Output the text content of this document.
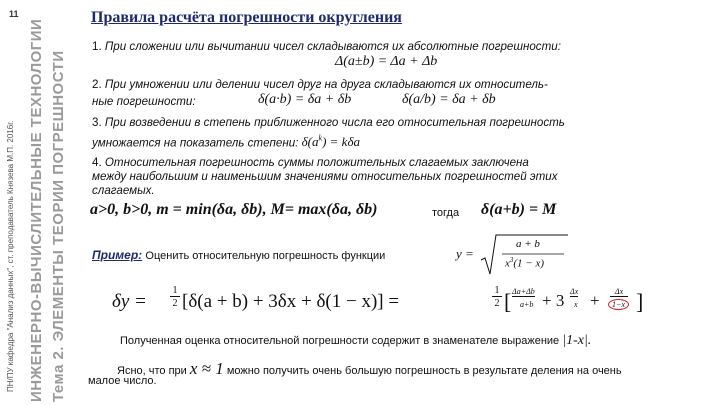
11
ПН/ПУ кафедра "Анализ данных", ст. преподаватель Князева М.П. 2016г. ИНЖЕНЕРНО-ВЫЧИСЛИТЕЛЬНЫЕ ТЕХНОЛОГИИ Тема 2. ЭЛЕМЕНТЫ ТЕОРИИ ПОГРЕШНОСТИ
Правила расчёта погрешности округления
1. При сложении или вычитании чисел складываются их абсолютные погрешности:
Δ(a±b) = Δa + Δb
2. При умножении или делении чисел друг на друга складываются их относитель-
ные погрешности:	δ(a·b) = δa + δb	δ(a/b) = δa + δb
3. При возведении в степень приближенного числа его относительная погрешность
умножается на показатель степени: $\delta(a^k) = k\delta a$
4. Относительная погрешность суммы положительных слагаемых заключена
между наибольшим и наименьшим значениями относительных погрешностей этих
слагаемых.
a>0, b>0, m = min(δa, δb), M= max(δa, δb)	тогда δ(a+b) = M
Пример: Оценить относительную погрешность функции	y =
a + b
$x^3(1 - x)$
δy =
1
2 [δ(a + b) + 3δx + δ(1 − x)] =
1
2 [ Δa+Δb
a+b + 3 Δx
x +	Δx
1−x ]
Полученная оценка относительной погрешности содержит в знаменателе выражение |1-x|.
Ясно, что при x ≈ 1 можно получить очень большую погрешность в результате деления на очень
малое число.
